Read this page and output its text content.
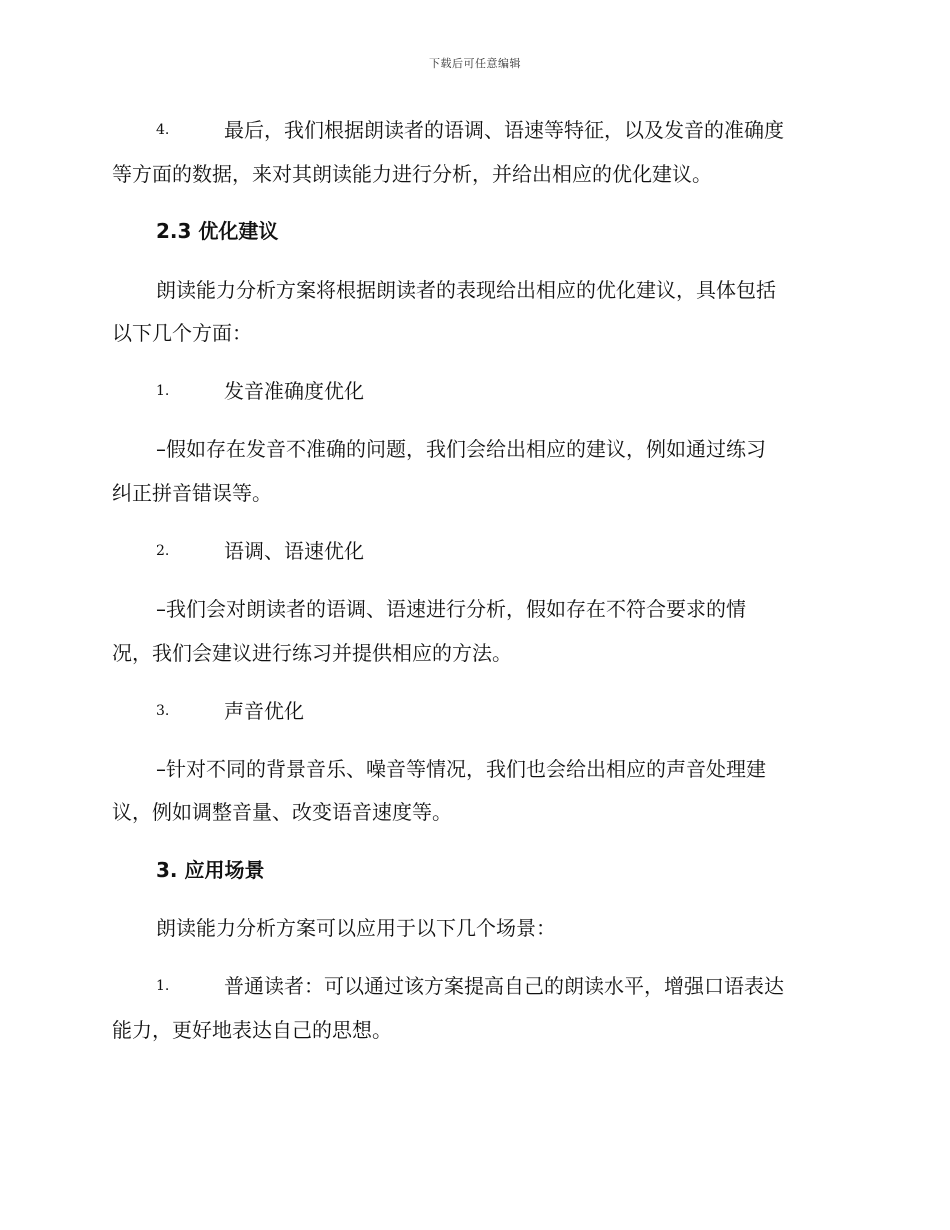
下载后可任意编辑
4.	最后，我们根据朗读者的语调、语速等特征，以及发音的准确度
等方面的数据，来对其朗读能力进行分析，并给出相应的优化建议。
2.3 优化建议
朗读能力分析方案将根据朗读者的表现给出相应的优化建议，具体包括
以下几个方面：
1.	发音准确度优化
–假如存在发音不准确的问题，我们会给出相应的建议，例如通过练习
纠正拼音错误等。
2.	语调、语速优化
–我们会对朗读者的语调、语速进行分析，假如存在不符合要求的情
况，我们会建议进行练习并提供相应的方法。
3.	声音优化
–针对不同的背景音乐、噪音等情况，我们也会给出相应的声音处理建
议，例如调整音量、改变语音速度等。
3. 应用场景
朗读能力分析方案可以应用于以下几个场景：
1.	普通读者：可以通过该方案提高自己的朗读水平，增强口语表达
能力，更好地表达自己的思想。
